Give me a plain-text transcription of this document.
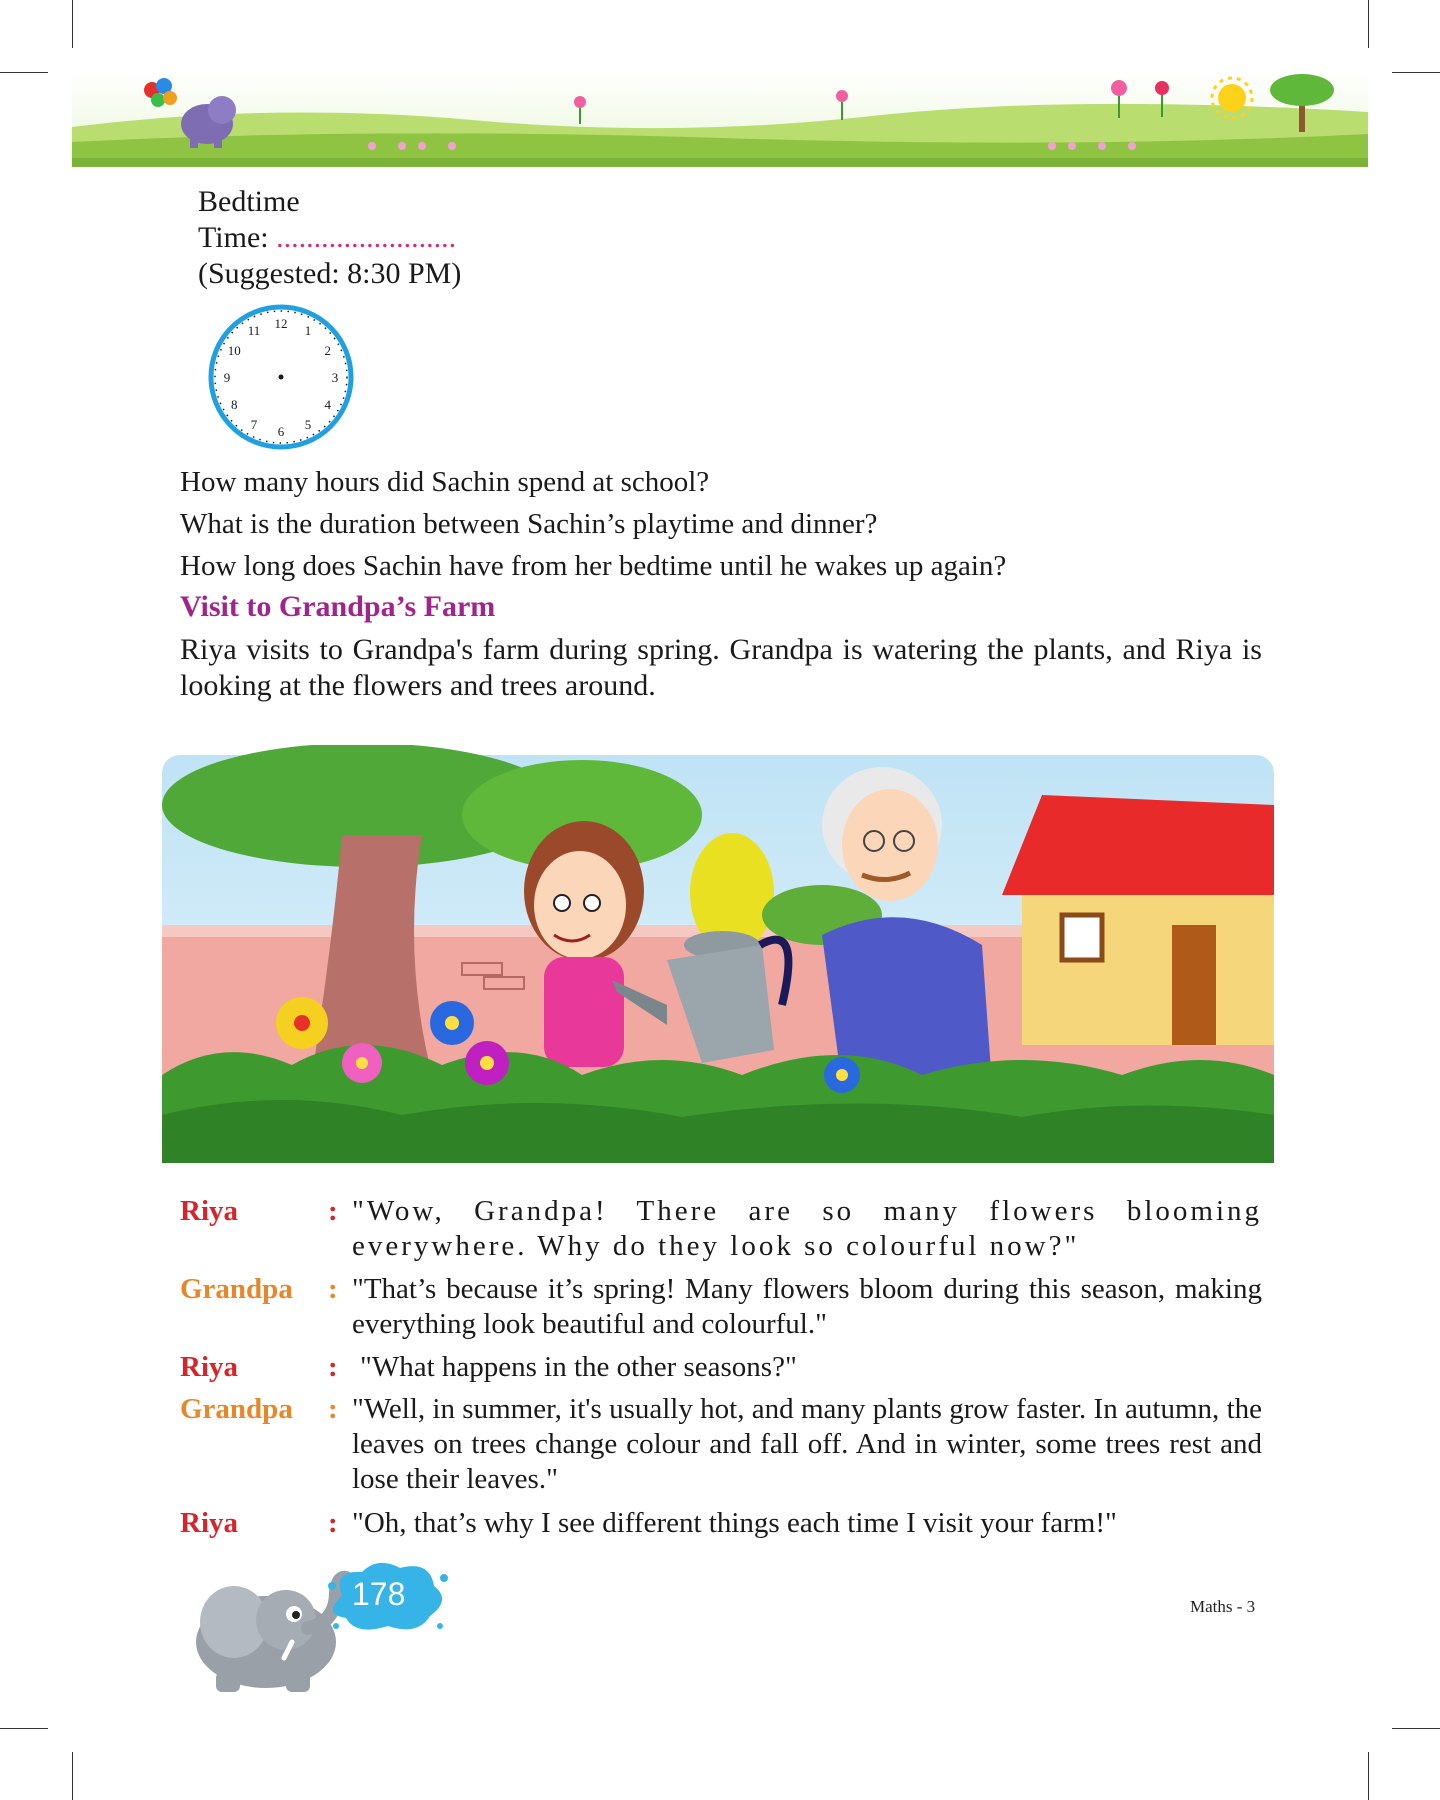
Bedtime
Time: ........................
(Suggested: 8:30 PM)
12 1
2
3
4
5
6
7
8
9
10
11
How many hours did Sachin spend at school?
What is the duration between Sachin’s playtime and dinner?
How long does Sachin have from her bedtime until he wakes up again?
Visit to Grandpa’s Farm
Riya visits to Grandpa's farm during spring. Grandpa is watering the plants, and Riya is looking at the flowers and trees around.
Riya	: "Wow, Grandpa! There are so many flowers blooming everywhere. Why do they look so colourful now?"
Grandpa : "That’s because it’s spring! Many flowers bloom during this season, making everything look beautiful and colourful."
Riya	: "What happens in the other seasons?"
Grandpa : "Well, in summer, it's usually hot, and many plants grow faster. In autumn, the leaves on trees change colour and fall off. And in winter, some trees rest and lose their leaves."
Riya	: "Oh, that’s why I see different things each time I visit your farm!"
178	Maths - 3
